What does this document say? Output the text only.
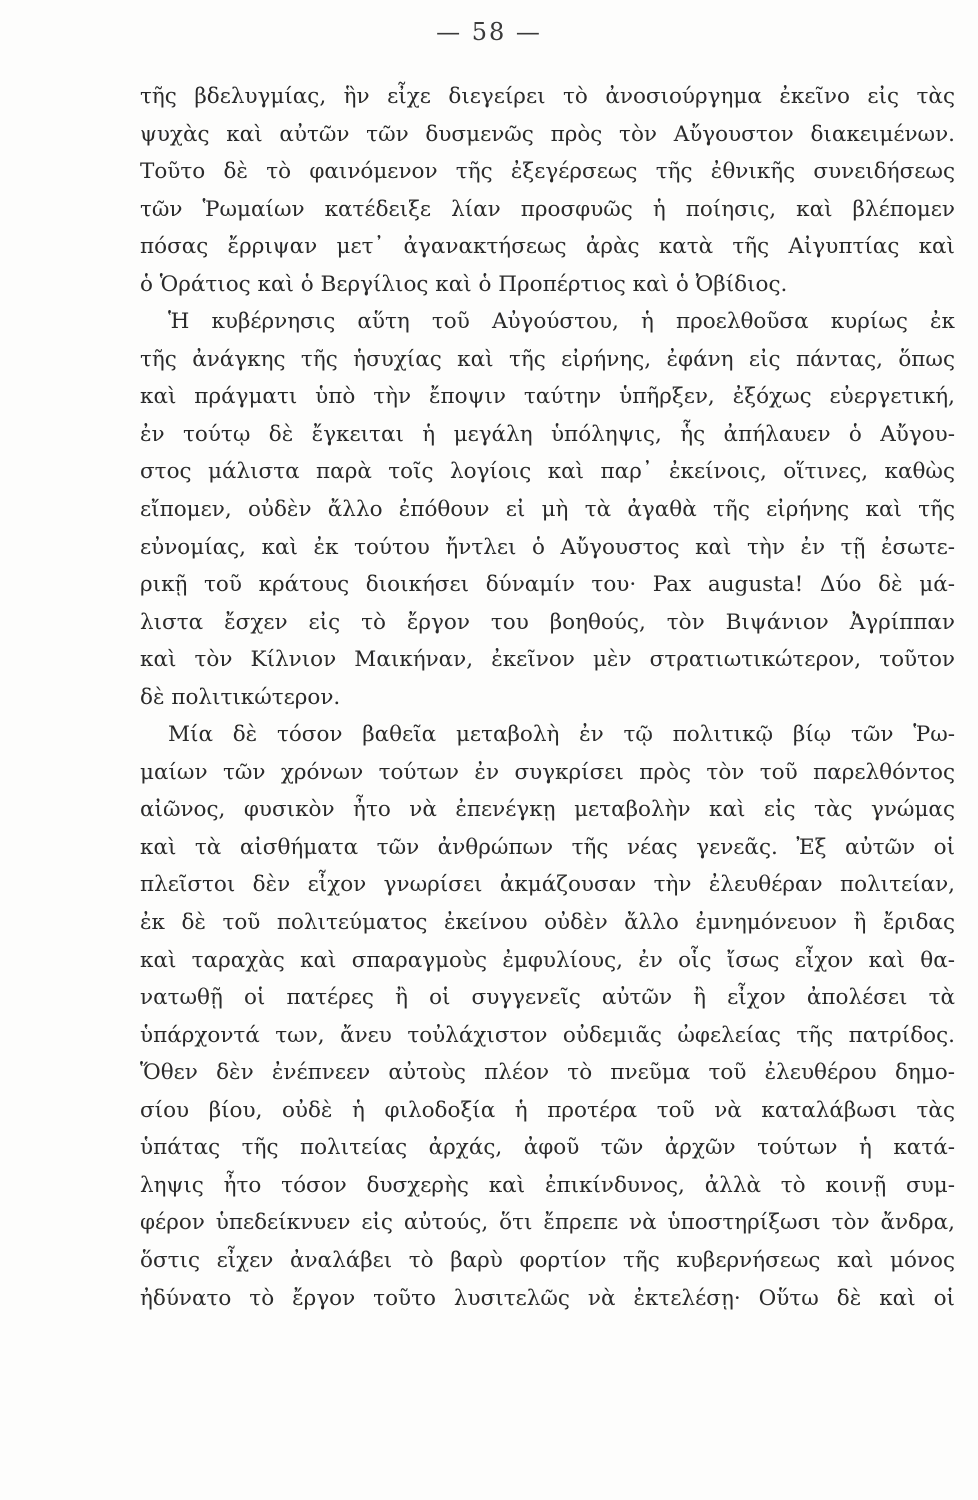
— 58 —
τῆς βδελυγμίας, ἣν εἶχε διεγείρει τὸ ἀνοσιούργημα ἐκεῖνο εἰς τὰς
ψυχὰς καὶ αὐτῶν τῶν δυσμενῶς πρὸς τὸν Αὔγουστον διακειμένων.
Τοῦτο δὲ τὸ φαινόμενον τῆς ἐξεγέρσεως τῆς ἐθνικῆς συνειδήσεως
τῶν Ῥωμαίων κατέδειξε λίαν προσφυῶς ἡ ποίησις, καὶ βλέπομεν
πόσας ἔρριψαν μετ᾽ ἀγανακτήσεως ἀρὰς κατὰ τῆς Αἰγυπτίας καὶ
ὁ Ὁράτιος καὶ ὁ Βεργίλιος καὶ ὁ Προπέρτιος καὶ ὁ Ὀβίδιος.
Ἡ κυβέρνησις αὕτη τοῦ Αὐγούστου, ἡ προελθοῦσα κυρίως ἐκ
τῆς ἀνάγκης τῆς ἡσυχίας καὶ τῆς εἰρήνης, ἐφάνη εἰς πάντας, ὅπως
καὶ πράγματι ὑπὸ τὴν ἔποψιν ταύτην ὑπῆρξεν, ἐξόχως εὐεργετική,
ἐν τούτῳ δὲ ἔγκειται ἡ μεγάλη ὑπόληψις, ἧς ἀπήλαυεν ὁ Αὔγου-
στος μάλιστα παρὰ τοῖς λογίοις καὶ παρ᾽ ἐκείνοις, οἵτινες, καθὼς
εἴπομεν, οὐδὲν ἄλλο ἐπόθουν εἰ μὴ τὰ ἀγαθὰ τῆς εἰρήνης καὶ τῆς
εὐνομίας, καὶ ἐκ τούτου ἤντλει ὁ Αὔγουστος καὶ τὴν ἐν τῇ ἐσωτε-
ρικῇ τοῦ κράτους διοικήσει δύναμίν του· Pax augusta! Δύο δὲ μά-
λιστα ἔσχεν εἰς τὸ ἔργον του βοηθούς, τὸν Βιψάνιον Ἀγρίππαν
καὶ τὸν Κίλνιον Μαικήναν, ἐκεῖνον μὲν στρατιωτικώτερον, τοῦτον
δὲ πολιτικώτερον.
Μία δὲ τόσον βαθεῖα μεταβολὴ ἐν τῷ πολιτικῷ βίῳ τῶν Ῥω-
μαίων τῶν χρόνων τούτων ἐν συγκρίσει πρὸς τὸν τοῦ παρελθόντος
αἰῶνος, φυσικὸν ἦτο νὰ ἐπενέγκῃ μεταβολὴν καὶ εἰς τὰς γνώμας
καὶ τὰ αἰσθήματα τῶν ἀνθρώπων τῆς νέας γενεᾶς. Ἐξ αὐτῶν οἱ
πλεῖστοι δὲν εἶχον γνωρίσει ἀκμάζουσαν τὴν ἐλευθέραν πολιτείαν,
ἐκ δὲ τοῦ πολιτεύματος ἐκείνου οὐδὲν ἄλλο ἐμνημόνευον ἢ ἔριδας
καὶ ταραχὰς καὶ σπαραγμοὺς ἐμφυλίους, ἐν οἷς ἴσως εἶχον καὶ θα-
νατωθῇ οἱ πατέρες ἢ οἱ συγγενεῖς αὐτῶν ἢ εἶχον ἀπολέσει τὰ
ὑπάρχοντά των, ἄνευ τοὐλάχιστον οὐδεμιᾶς ὠφελείας τῆς πατρίδος.
Ὅθεν δὲν ἐνέπνεεν αὐτοὺς πλέον τὸ πνεῦμα τοῦ ἐλευθέρου δημο-
σίου βίου, οὐδὲ ἡ φιλοδοξία ἡ προτέρα τοῦ νὰ καταλάβωσι τὰς
ὑπάτας τῆς πολιτείας ἀρχάς, ἀφοῦ τῶν ἀρχῶν τούτων ἡ κατά-
ληψις ἦτο τόσον δυσχερὴς καὶ ἐπικίνδυνος, ἀλλὰ τὸ κοινῇ συμ-
φέρον ὑπεδείκνυεν εἰς αὐτούς, ὅτι ἔπρεπε νὰ ὑποστηρίξωσι τὸν ἄνδρα,
ὅστις εἶχεν ἀναλάβει τὸ βαρὺ φορτίον τῆς κυβερνήσεως καὶ μόνος
ἠδύνατο τὸ ἔργον τοῦτο λυσιτελῶς νὰ ἐκτελέσῃ· Οὕτω δὲ καὶ οἱ
